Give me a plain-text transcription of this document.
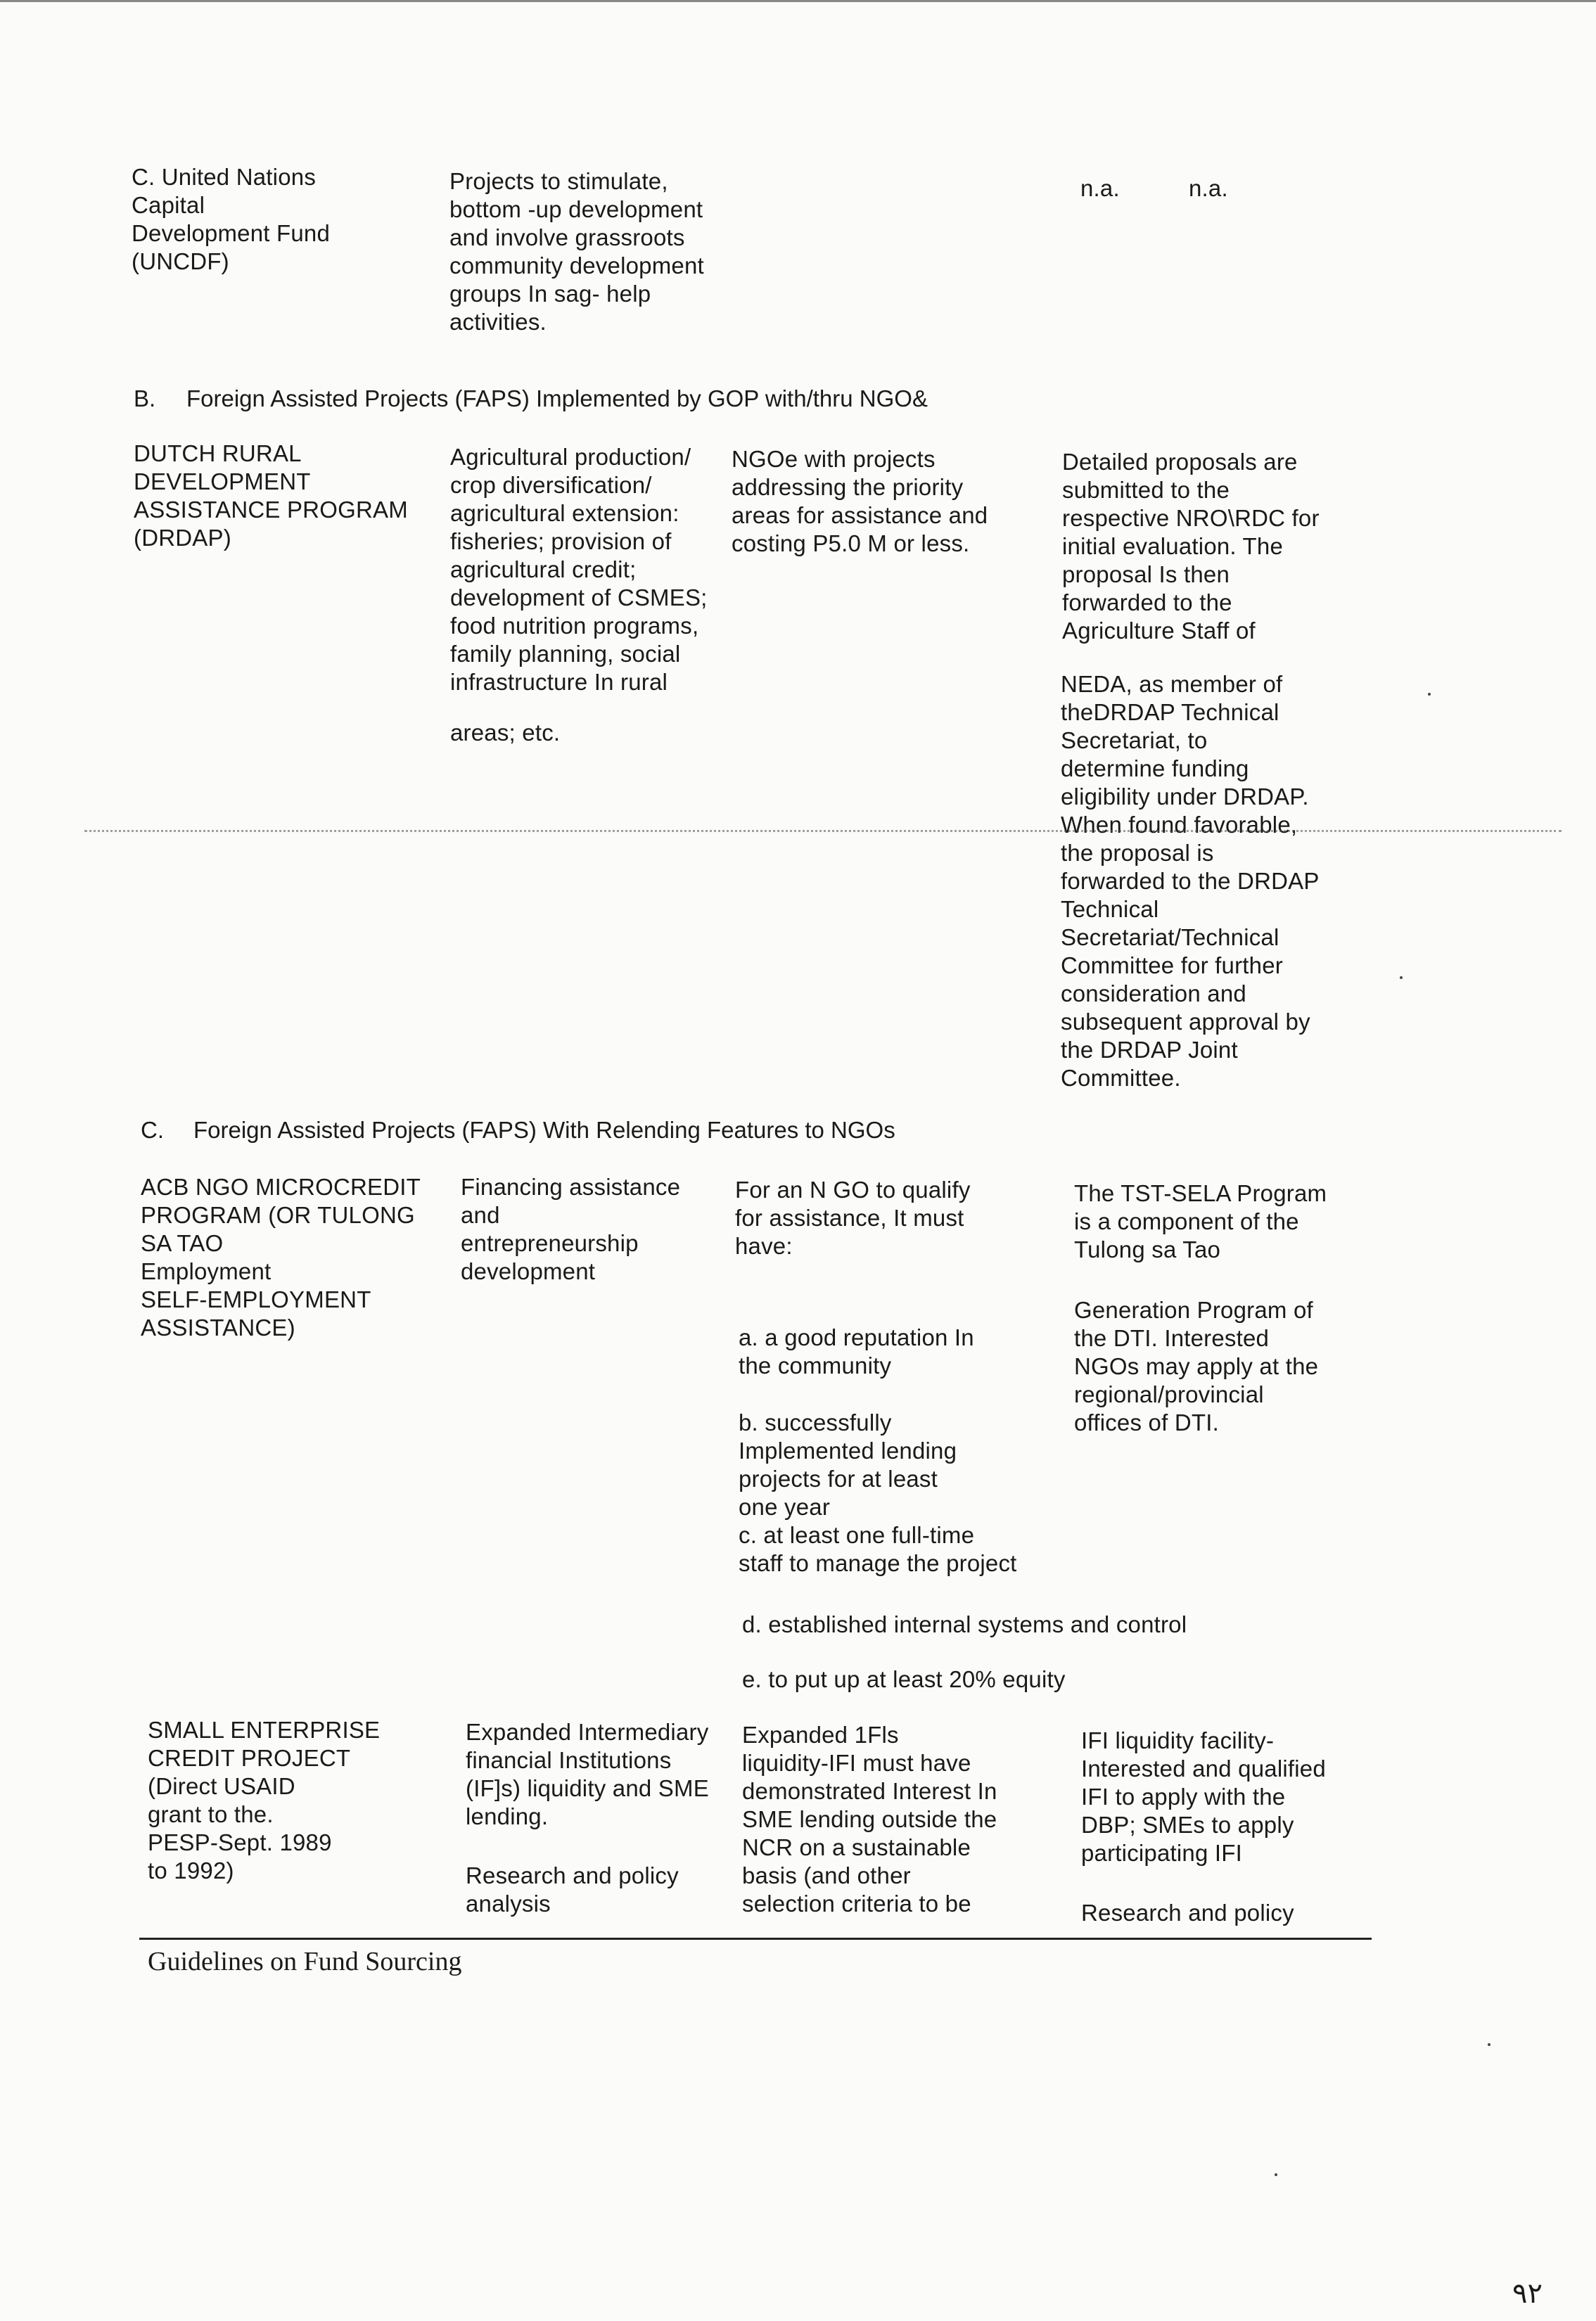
C. United Nations
Capital
Development Fund
(UNCDF)
Projects to stimulate,
bottom -up development
and involve grassroots
community development
groups In sag- help
activities.
n.a.	n.a.
B. Foreign Assisted Projects (FAPS) Implemented by GOP with/thru NGO&
DUTCH RURAL
DEVELOPMENT
ASSISTANCE PROGRAM
(DRDAP)
Agricultural production/
crop diversification/
agricultural extension:
fisheries; provision of
agricultural credit;
development of CSMES;
food nutrition programs,
family planning, social
infrastructure In rural
areas; etc.
NGOe with projects
addressing the priority
areas for assistance and
costing P5.0 M or less.
Detailed proposals are
submitted to the
respective NRO\RDC for
initial evaluation. The
proposal Is then
forwarded to the
Agriculture Staff of
NEDA, as member of
theDRDAP Technical
Secretariat, to
determine funding
eligibility under DRDAP.
When found favorable,
the proposal is
forwarded to the DRDAP
Technical
Secretariat/Technical
Committee for further
consideration and
subsequent approval by
the DRDAP Joint
Committee.
C. Foreign Assisted Projects (FAPS) With Relending Features to NGOs
ACB NGO MICROCREDIT
PROGRAM (OR TULONG
SA TAO
Employment
SELF-EMPLOYMENT
ASSISTANCE)
Financing assistance
and
entrepreneurship
development
For an N GO to qualify
for assistance, It must
have:
a. a good reputation In
the community
b. successfully
Implemented lending
projects for at least
one year
c. at least one full-time
staff to manage the project
d. established internal systems and control
e. to put up at least 20% equity
The TST-SELA Program
is a component of the
Tulong sa Tao
Generation Program of
the DTI. Interested
NGOs may apply at the
regional/provincial
offices of DTI.
SMALL ENTERPRISE
CREDIT PROJECT
(Direct USAID
grant to the.
PESP-Sept. 1989
to 1992)
Expanded Intermediary
financial Institutions
(IF]s) liquidity and SME
lending.
Research and policy
analysis
Expanded 1Fls
liquidity-IFI must have
demonstrated Interest In
SME lending outside the
NCR on a sustainable
basis (and other
selection criteria to be
IFI liquidity facility-
Interested and qualified
IFI to apply with the
DBP; SMEs to apply
participating IFI
Research and policy
Guidelines on Fund Sourcing
۹۲
